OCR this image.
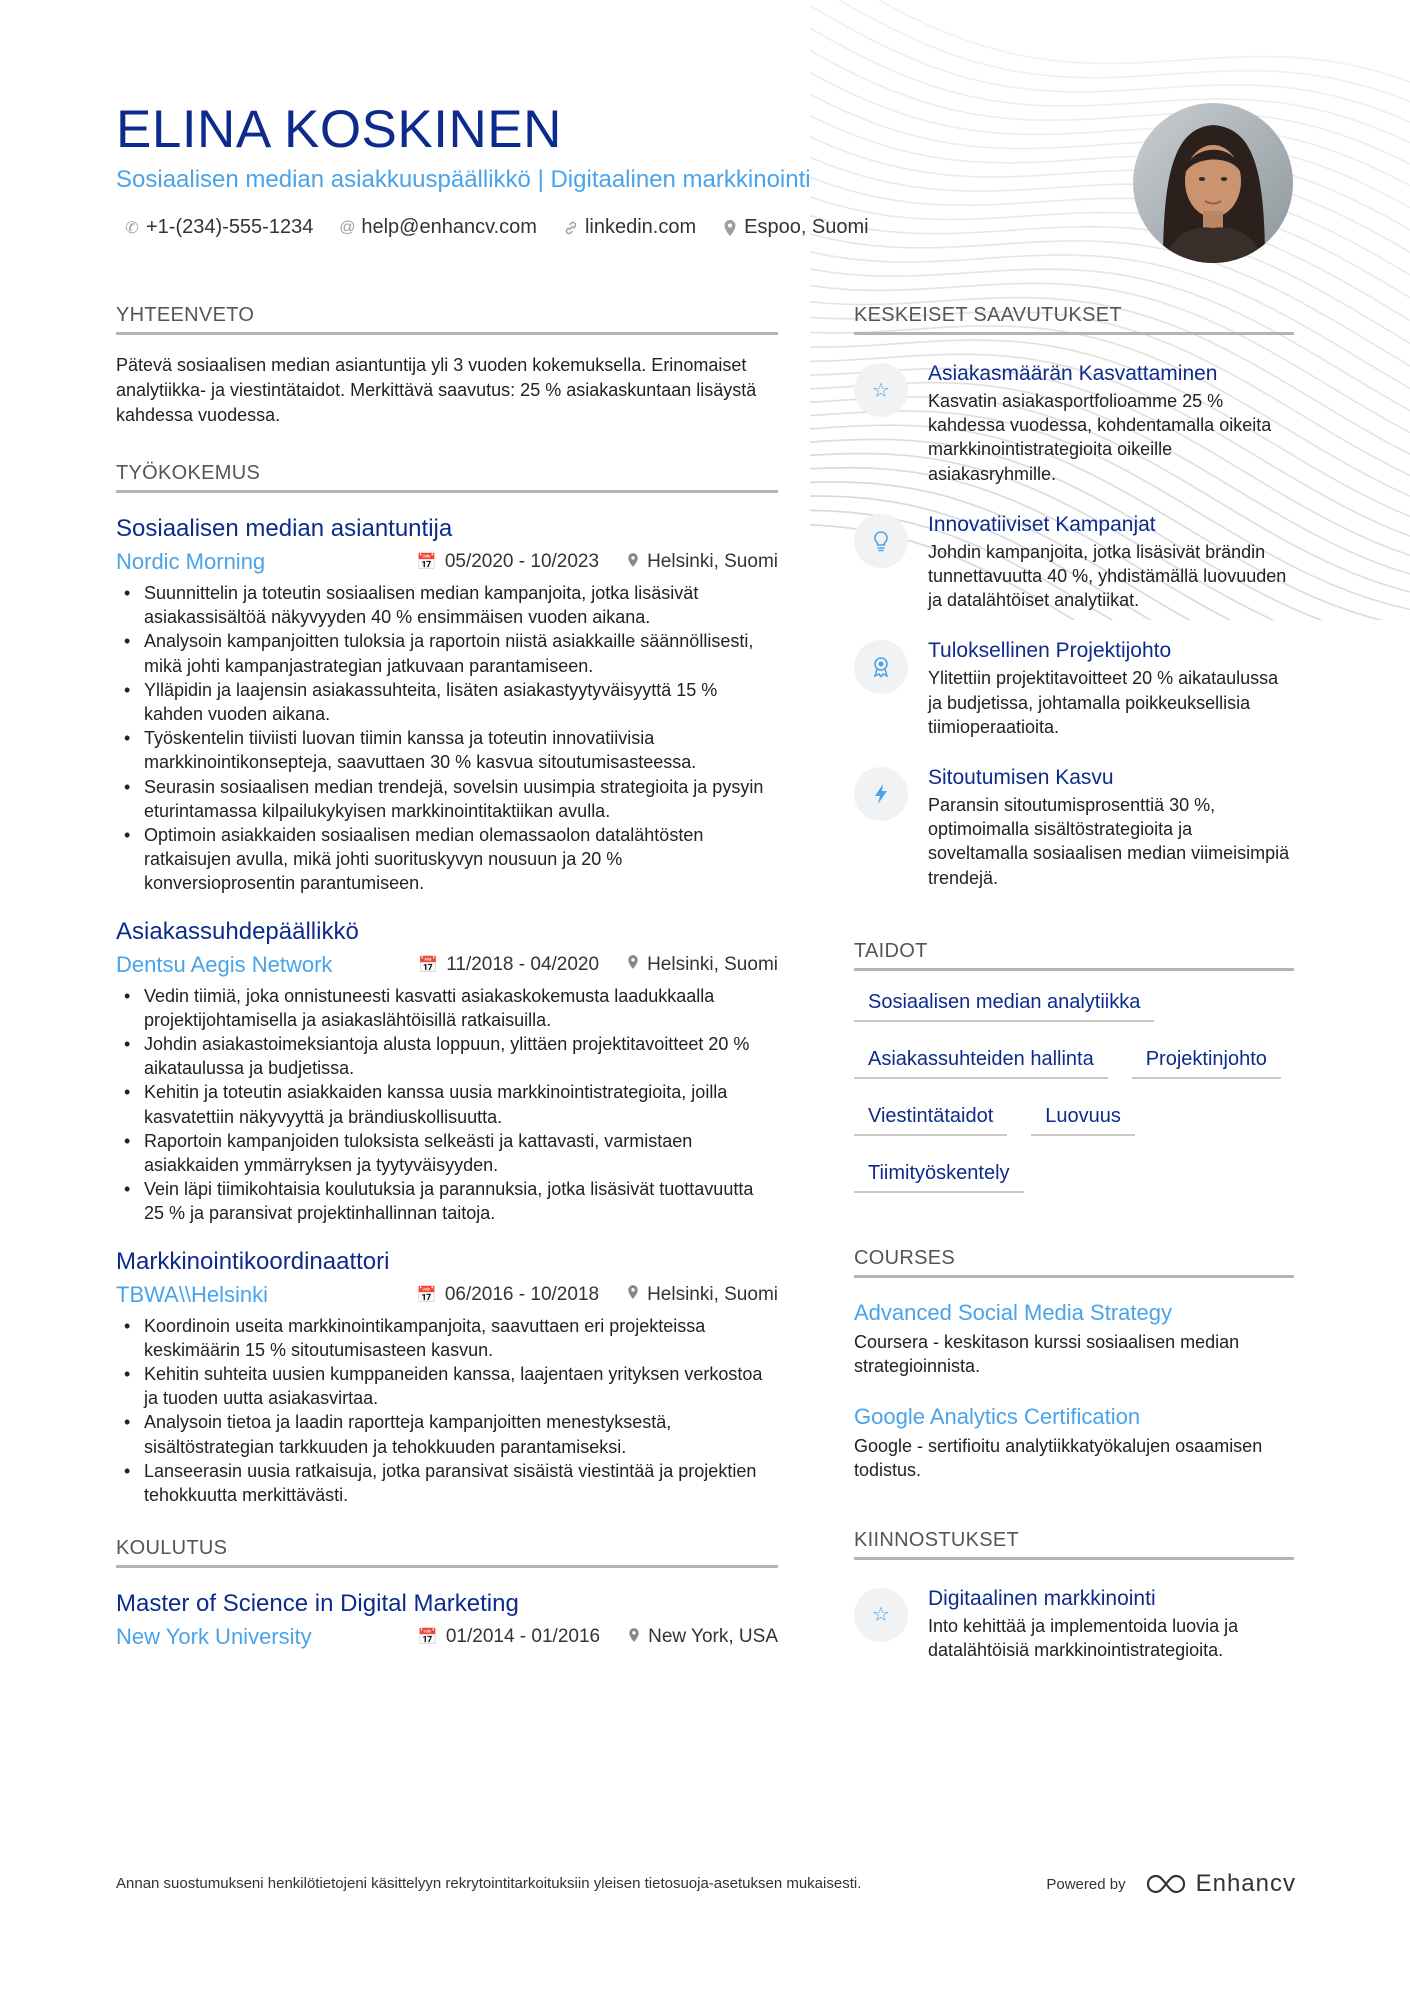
ELINA KOSKINEN
Sosiaalisen median asiakkuuspäällikkö | Digitaalinen markkinointi
✆ +1-(234)-555-1234 @ help@enhancv.com linkedin.com Espoo, Suomi
YHTEENVETO

Pätevä sosiaalisen median asiantuntija yli 3 vuoden kokemuksella. Erinomaiset analytiikka- ja viestintätaidot. Merkittävä saavutus: 25 % asiakaskuntaan lisäystä kahdessa vuodessa.

TYÖKOKEMUS
Sosiaalisen median asiantuntija
Nordic Morning	📅 05/2020 - 10/2023	Helsinki, Suomi
• Suunnittelin ja toteutin sosiaalisen median kampanjoita, jotka lisäsivät asiakassisältöä näkyvyyden 40 % ensimmäisen vuoden aikana.
• Analysoin kampanjoitten tuloksia ja raportoin niistä asiakkaille säännöllisesti, mikä johti kampanjastrategian jatkuvaan parantamiseen.
• Ylläpidin ja laajensin asiakassuhteita, lisäten asiakastyytyväisyyttä 15 % kahden vuoden aikana.
• Työskentelin tiiviisti luovan tiimin kanssa ja toteutin innovatiivisia markkinointikonsepteja, saavuttaen 30 % kasvua sitoutumisasteessa.
• Seurasin sosiaalisen median trendejä, sovelsin uusimpia strategioita ja pysyin eturintamassa kilpailukykyisen markkinointitaktiikan avulla.
• Optimoin asiakkaiden sosiaalisen median olemassaolon datalähtösten ratkaisujen avulla, mikä johti suorituskyvyn nousuun ja 20 % konversioprosentin parantumiseen.
Asiakassuhdepäällikkö
Dentsu Aegis Network	📅 11/2018 - 04/2020	Helsinki, Suomi
• Vedin tiimiä, joka onnistuneesti kasvatti asiakaskokemusta laadukkaalla projektijohtamisella ja asiakaslähtöisillä ratkaisuilla.
• Johdin asiakastoimeksiantoja alusta loppuun, ylittäen projektitavoitteet 20 % aikataulussa ja budjetissa.
• Kehitin ja toteutin asiakkaiden kanssa uusia markkinointistrategioita, joilla kasvatettiin näkyvyyttä ja brändiuskollisuutta.
• Raportoin kampanjoiden tuloksista selkeästi ja kattavasti, varmistaen asiakkaiden ymmärryksen ja tyytyväisyyden.
• Vein läpi tiimikohtaisia koulutuksia ja parannuksia, jotka lisäsivät tuottavuutta 25 % ja paransivat projektinhallinnan taitoja.
Markkinointikoordinaattori
TBWA\\Helsinki	📅 06/2016 - 10/2018	Helsinki, Suomi
• Koordinoin useita markkinointikampanjoita, saavuttaen eri projekteissa keskimäärin 15 % sitoutumisasteen kasvun.
• Kehitin suhteita uusien kumppaneiden kanssa, laajentaen yrityksen verkostoa ja tuoden uutta asiakasvirtaa.
• Analysoin tietoa ja laadin raportteja kampanjoitten menestyksestä, sisältöstrategian tarkkuuden ja tehokkuuden parantamiseksi.
• Lanseerasin uusia ratkaisuja, jotka paransivat sisäistä viestintää ja projektien tehokkuutta merkittävästi.
KOULUTUS
Master of Science in Digital Marketing
New York University	📅 01/2014 - 01/2016	New York, USA
KESKEISET SAAVUTUKSET
☆
Asiakasmäärän Kasvattaminen
Kasvatin asiakasportfolioamme 25 % kahdessa vuodessa, kohdentamalla oikeita markkinointistrategioita oikeille asiakasryhmille.
Innovatiiviset Kampanjat
Johdin kampanjoita, jotka lisäsivät brändin tunnettavuutta 40 %, yhdistämällä luovuuden ja datalähtöiset analytiikat.
Tuloksellinen Projektijohto
Ylitettiin projektitavoitteet 20 % aikataulussa ja budjetissa, johtamalla poikkeuksellisia tiimioperaatioita.
Sitoutumisen Kasvu
Paransin sitoutumisprosenttiä 30 %, optimoimalla sisältöstrategioita ja soveltamalla sosiaalisen median viimeisimpiä trendejä.
TAIDOT
Sosiaalisen median analytiikka
Asiakassuhteiden hallinta	Projektinjohto
Viestintätaidot	Luovuus
Tiimityöskentely
COURSES
Advanced Social Media Strategy
Coursera - keskitason kurssi sosiaalisen median strategioinnista.
Google Analytics Certification
Google - sertifioitu analytiikkatyökalujen osaamisen todistus.
KIINNOSTUKSET
☆
Digitaalinen markkinointi
Into kehittää ja implementoida luovia ja datalähtöisiä markkinointistrategioita.
Annan suostumukseni henkilötietojeni käsittelyyn rekrytointitarkoituksiin yleisen tietosuoja-asetuksen mukaisesti.	Powered by	Enhancv
